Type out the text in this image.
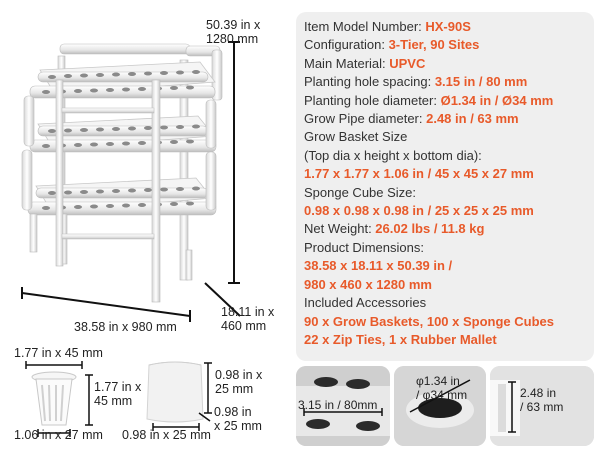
50.39 in x
1280 mm
38.58 in x 980 mm
18.11 in x
460 mm
1.77 in x 45 mm
1.77 in x
45 mm
1.06 in x 27 mm
0.98 in x
25 mm
0.98 in x 25 mm
0.98 in
x 25 mm
Item Model Number: HX-90S
Configuration: 3-Tier, 90 Sites
Main Material: UPVC
Planting hole spacing: 3.15 in / 80 mm
Planting hole diameter: Ø1.34 in / Ø34 mm
Grow Pipe diameter: 2.48 in / 63 mm
Grow Basket Size
(Top dia x height x bottom dia):
1.77 x 1.77 x 1.06 in / 45 x 45 x 27 mm
Sponge Cube Size:
0.98 x 0.98 x 0.98 in / 25 x 25 x 25 mm
Net Weight: 26.02 lbs / 11.8 kg
Product Dimensions:
38.58 x 18.11 x 50.39 in /
980 x 460 x 1280 mm
Included Accessories
90 x Grow Baskets, 100 x Sponge Cubes
22 x Zip Ties, 1 x Rubber Mallet
3.15 in / 80mm
φ1.34 in
/ φ34 mm	2.48 in
/ 63 mm
